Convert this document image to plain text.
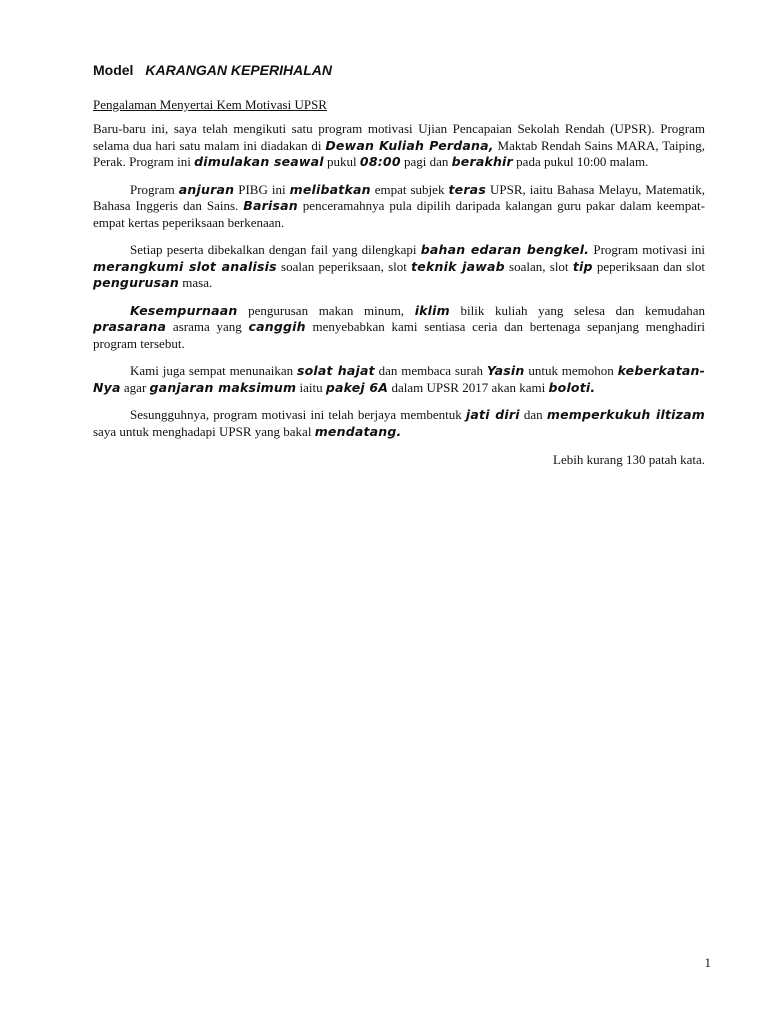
Model KARANGAN KEPERIHALAN
Pengalaman Menyertai Kem Motivasi UPSR

Baru-baru ini, saya telah mengikuti satu program motivasi Ujian Pencapaian Sekolah Rendah (UPSR). Program selama dua hari satu malam ini diadakan di Dewan Kuliah Perdana, Maktab Rendah Sains MARA, Taiping, Perak. Program ini dimulakan seawal pukul 08:00 pagi dan berakhir pada pukul 10:00 malam.

Program anjuran PIBG ini melibatkan empat subjek teras UPSR, iaitu Bahasa Melayu, Matematik, Bahasa Inggeris dan Sains. Barisan penceramahnya pula dipilih daripada kalangan guru pakar dalam keempat-empat kertas peperiksaan berkenaan.

Setiap peserta dibekalkan dengan fail yang dilengkapi bahan edaran bengkel. Program motivasi ini merangkumi slot analisis soalan peperiksaan, slot teknik jawab soalan, slot tip peperiksaan dan slot pengurusan masa.

Kesempurnaan pengurusan makan minum, iklim bilik kuliah yang selesa dan kemudahan prasarana asrama yang canggih menyebabkan kami sentiasa ceria dan bertenaga sepanjang menghadiri program tersebut.

Kami juga sempat menunaikan solat hajat dan membaca surah Yasin untuk memohon keberkatan-Nya agar ganjaran maksimum iaitu pakej 6A dalam UPSR 2017 akan kami boloti.

Sesungguhnya, program motivasi ini telah berjaya membentuk jati diri dan memperkukuh iltizam saya untuk menghadapi UPSR yang bakal mendatang.

Lebih kurang 130 patah kata.
1
